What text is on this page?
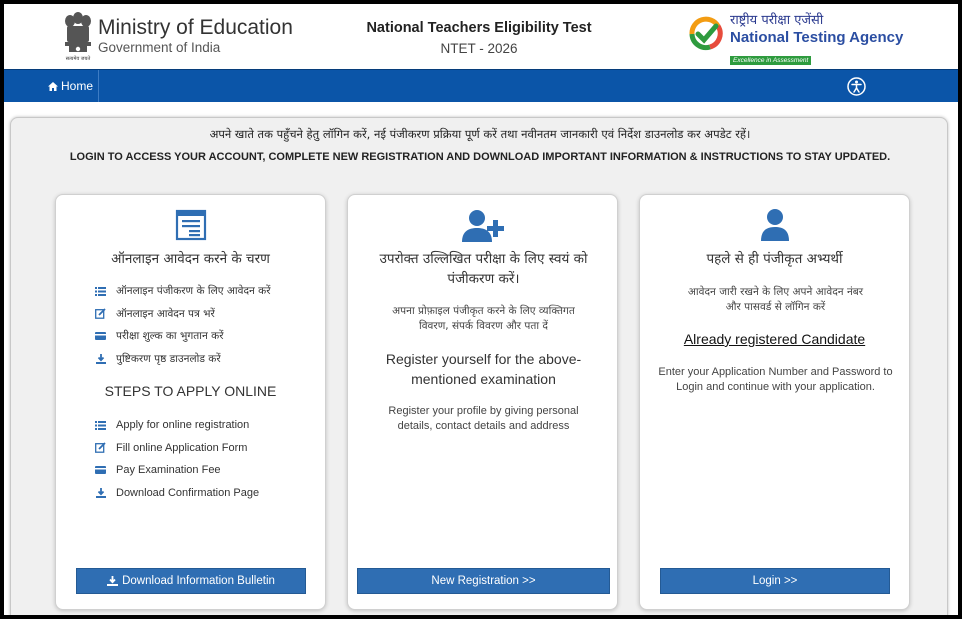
सत्यमेव जयते
Ministry of Education
Government of India
National Teachers Eligibility Test
NTET - 2026
राष्ट्रीय परीक्षा एजेंसी
National Testing Agency
Excellence in Assessment
Home
अपने खाते तक पहुँचने हेतु लॉगिन करें, नई पंजीकरण प्रक्रिया पूर्ण करें तथा नवीनतम जानकारी एवं निर्देश डाउनलोड कर अपडेट रहें।
LOGIN TO ACCESS YOUR ACCOUNT, COMPLETE NEW REGISTRATION AND DOWNLOAD IMPORTANT INFORMATION & INSTRUCTIONS TO STAY UPDATED.
ऑनलाइन आवेदन करने के चरण
ऑनलाइन पंजीकरण के लिए आवेदन करें
ऑनलाइन आवेदन पत्र भरें
परीक्षा शुल्क का भुगतान करें
पुष्टिकरण पृष्ठ डाउनलोड करें
STEPS TO APPLY ONLINE
Apply for online registration
Fill online Application Form
Pay Examination Fee
Download Confirmation Page
Download Information Bulletin
उपरोक्त उल्लिखित परीक्षा के लिए स्वयं को पंजीकरण करें।
अपना प्रोफ़ाइल पंजीकृत करने के लिए व्यक्तिगत विवरण, संपर्क विवरण और पता दें
Register yourself for the above-mentioned examination
Register your profile by giving personal details, contact details and address
New Registration >>
पहले से ही पंजीकृत अभ्यर्थी
आवेदन जारी रखने के लिए अपने आवेदन नंबर और पासवर्ड से लॉगिन करें
Already registered Candidate
Enter your Application Number and Password to Login and continue with your application.
Login >>
